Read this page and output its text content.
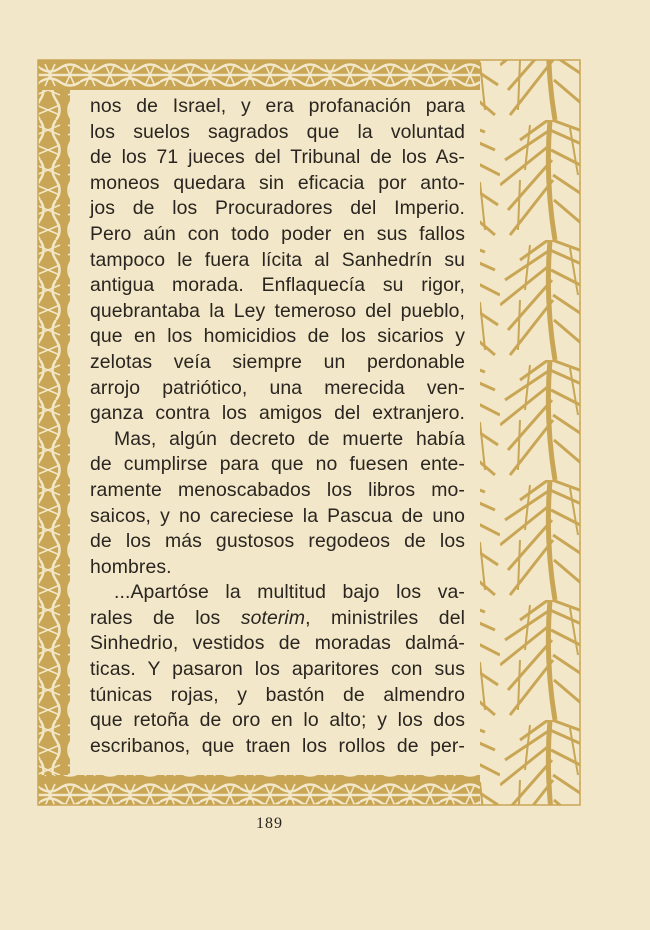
nos de Israel, y era profanación para
los suelos sagrados que la voluntad
de los 71 jueces del Tribunal de los As-
moneos quedara sin eficacia por anto-
jos de los Procuradores del Imperio.
Pero aún con todo poder en sus fallos
tampoco le fuera lícita al Sanhedrín su
antigua morada. Enflaquecía su rigor,
quebrantaba la Ley temeroso del pueblo,
que en los homicidios de los sicarios y
zelotas veía siempre un perdonable
arrojo patriótico, una merecida ven-
ganza contra los amigos del extranjero.
Mas, algún decreto de muerte había
de cumplirse para que no fuesen ente-
ramente menoscabados los libros mo-
saicos, y no careciese la Pascua de uno
de los más gustosos regodeos de los
hombres.
...Apartóse la multitud bajo los va-
rales de los soterim, ministriles del
Sinhedrio, vestidos de moradas dalmá-
ticas. Y pasaron los aparitores con sus
túnicas rojas, y bastón de almendro
que retoña de oro en lo alto; y los dos
escribanos, que traen los rollos de per-
189
